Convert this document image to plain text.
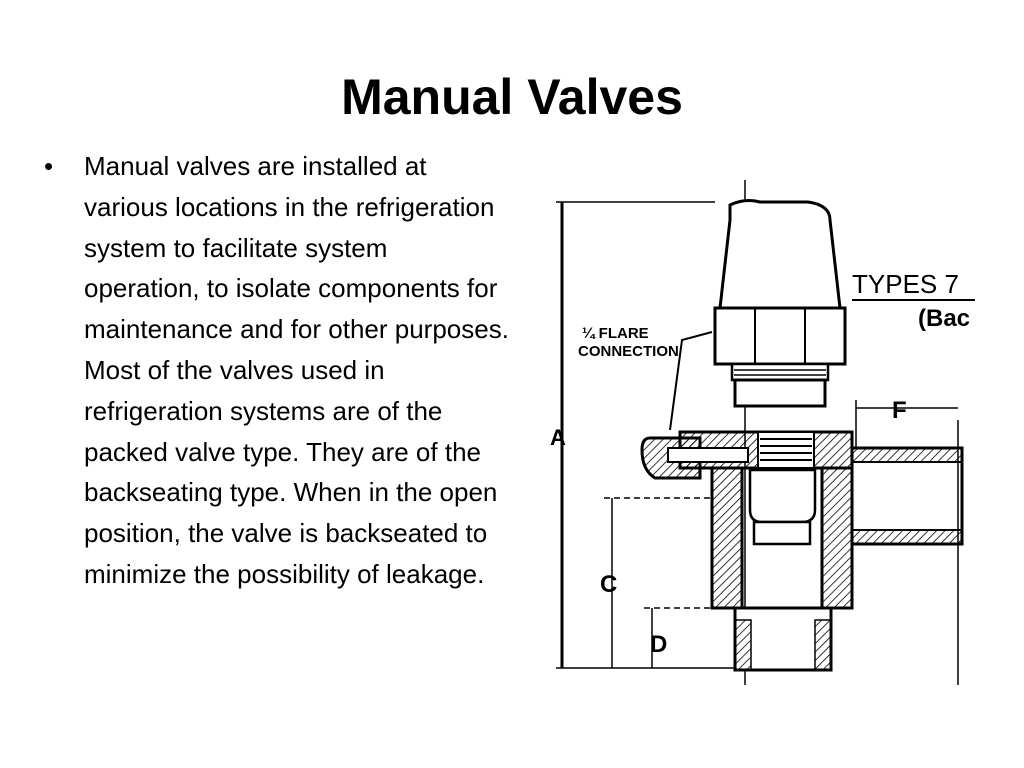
Manual Valves
• Manual valves are installed at various locations in the refrigeration system to facilitate system operation, to isolate components for maintenance and for other purposes. Most of the valves used in refrigeration systems are of the packed valve type. They are of the backseating type. When in the open position, the valve is backseated to minimize the possibility of leakage.
A
C
D
F
¼ FLARE
CONNECTION
TYPES 7
(Bac
